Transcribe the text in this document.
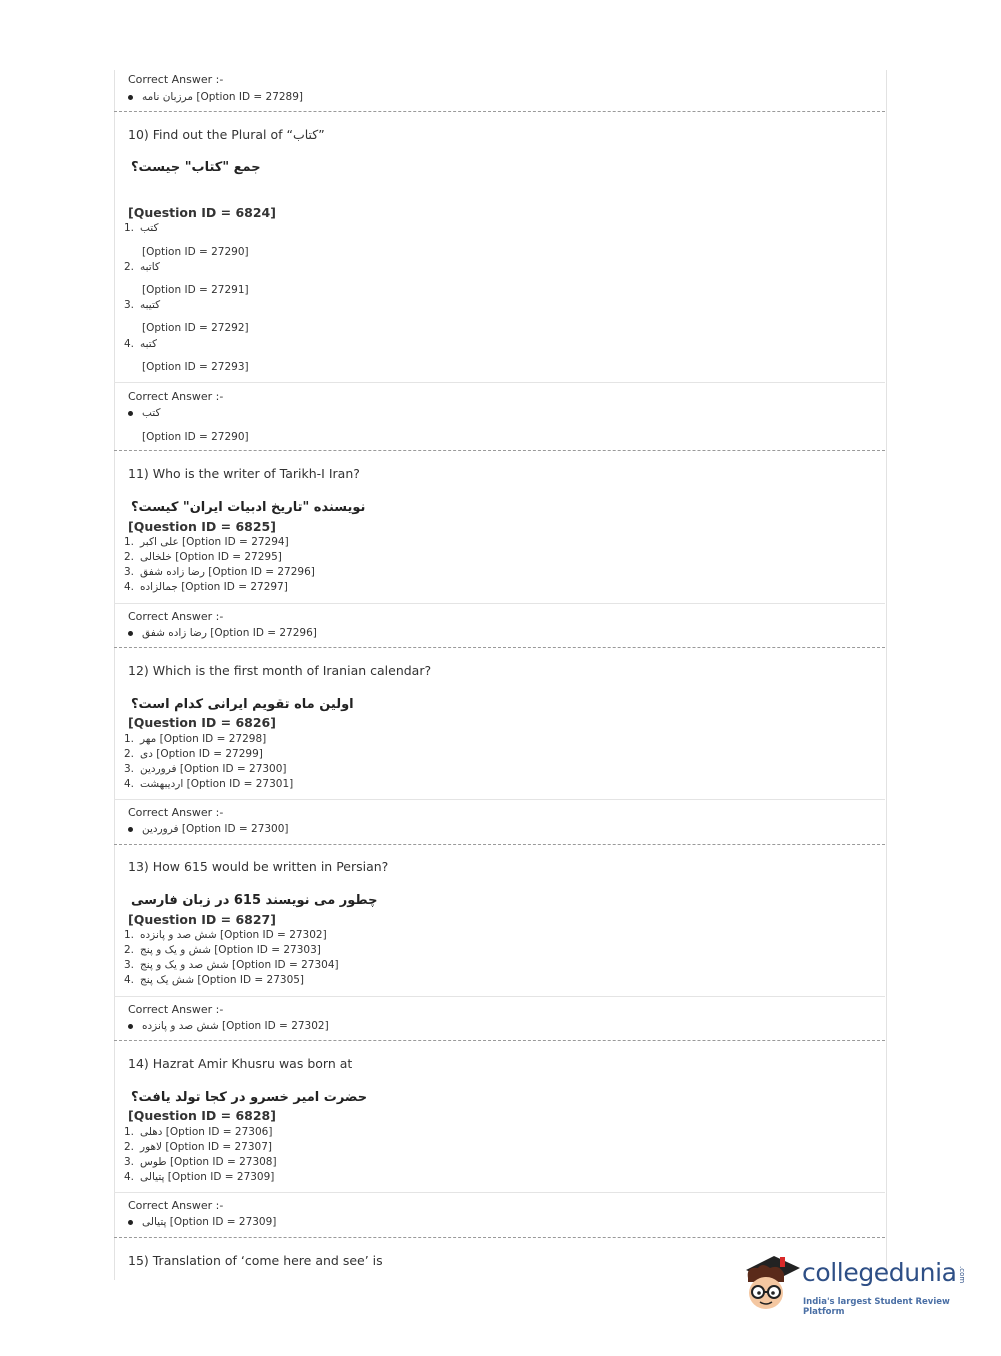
Correct Answer :-
مرزبان نامه [Option ID = 27289]
10) Find out the Plural of “کتاب”
جمع "کتاب" جیست؟
[Question ID = 6824]
1. کتب
[Option ID = 27290]
2. کاتبه
[Option ID = 27291]
3. کتیبه
[Option ID = 27292]
4. کتبه
[Option ID = 27293]
Correct Answer :-
کتب
[Option ID = 27290]
11) Who is the writer of Tarikh-I Iran?
نویسنده "تاریخ ادبیات ایران" کیست؟
[Question ID = 6825]
1. علی اکبر [Option ID = 27294]
2. خلخالی [Option ID = 27295]
3. رضا زاده شفق [Option ID = 27296]
4. جمالزاده [Option ID = 27297]
Correct Answer :-
رضا زاده شفق [Option ID = 27296]
12) Which is the first month of Iranian calendar?
اولین ماه تقویم ایرانی کدام است؟
[Question ID = 6826]
1. مهر [Option ID = 27298]
2. دی [Option ID = 27299]
3. فروردین [Option ID = 27300]
4. اردیبهشت [Option ID = 27301]
Correct Answer :-
فروردین [Option ID = 27300]
13) How 615 would be written in Persian?
چطور می نویسند 615 در زبان فارسی
[Question ID = 6827]
1. شش صد و پانزده [Option ID = 27302]
2. شش و یک و پنج [Option ID = 27303]
3. شش صد و یک و پنج [Option ID = 27304]
4. شش یک پنج [Option ID = 27305]
Correct Answer :-
شش صد و پانزده [Option ID = 27302]
14) Hazrat Amir Khusru was born at
حضرت امیر خسرو در کجا تولد یافت؟
[Question ID = 6828]
1. دهلی [Option ID = 27306]
2. لاهور [Option ID = 27307]
3. طوس [Option ID = 27308]
4. پتیالی [Option ID = 27309]
Correct Answer :-
پتیالی [Option ID = 27309]
15) Translation of ‘come here and see’ is	collegedunia .com
India's largest Student Review Platform
